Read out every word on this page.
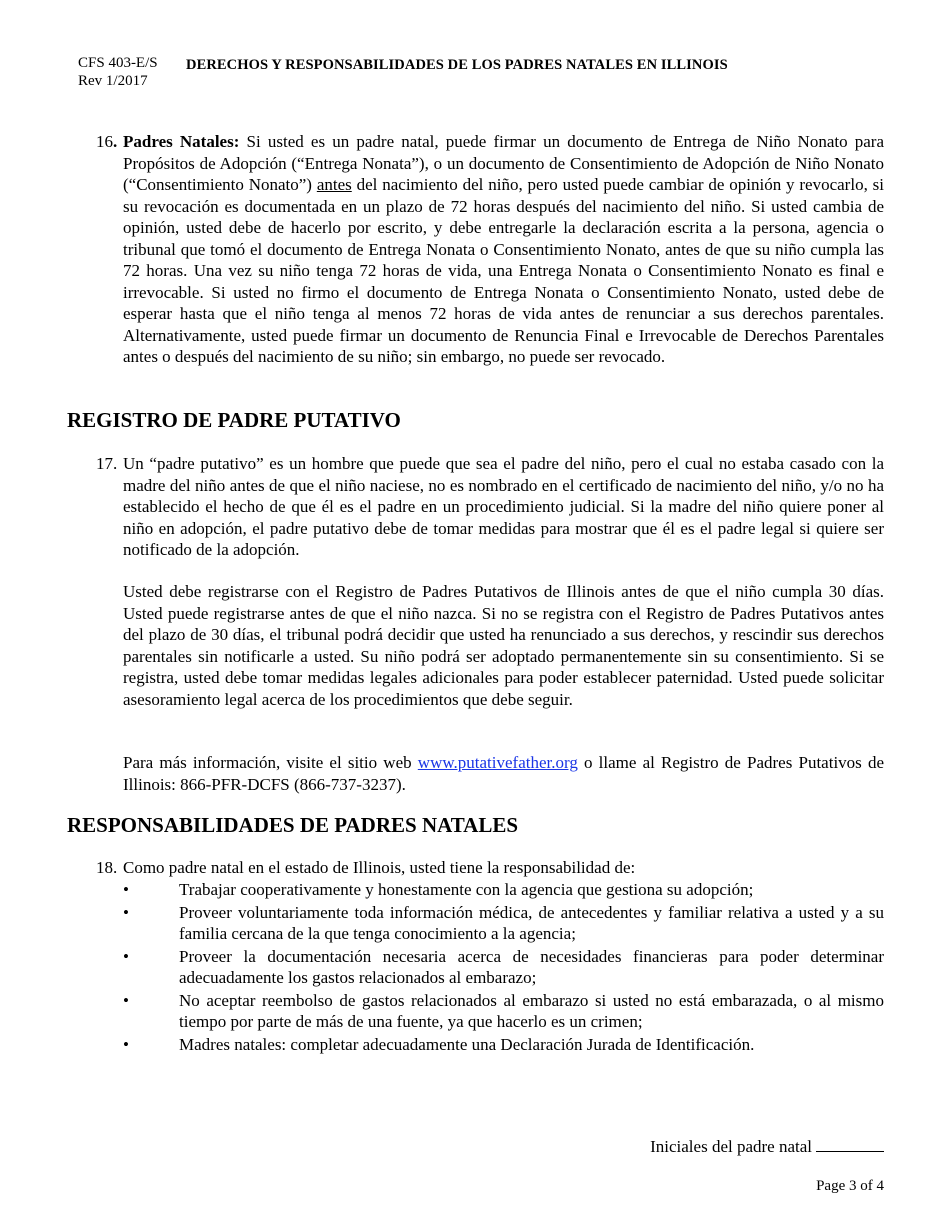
CFS 403-E/S
Rev 1/2017
DERECHOS Y RESPONSABILIDADES DE LOS PADRES NATALES EN ILLINOIS
16. Padres Natales: Si usted es un padre natal, puede firmar un documento de Entrega de Niño Nonato para Propósitos de Adopción (“Entrega Nonata”), o un documento de Consentimiento de Adopción de Niño Nonato (“Consentimiento Nonato”) antes del nacimiento del niño, pero usted puede cambiar de opinión y revocarlo, si su revocación es documentada en un plazo de 72 horas después del nacimiento del niño. Si usted cambia de opinión, usted debe de hacerlo por escrito, y debe entregarle la declaración escrita a la persona, agencia o tribunal que tomó el documento de Entrega Nonata o Consentimiento Nonato, antes de que su niño cumpla las 72 horas. Una vez su niño tenga 72 horas de vida, una Entrega Nonata o Consentimiento Nonato es final e irrevocable. Si usted no firmo el documento de Entrega Nonata o Consentimiento Nonato, usted debe de esperar hasta que el niño tenga al menos 72 horas de vida antes de renunciar a sus derechos parentales. Alternativamente, usted puede firmar un documento de Renuncia Final e Irrevocable de Derechos Parentales antes o después del nacimiento de su niño; sin embargo, no puede ser revocado.

REGISTRO DE PADRE PUTATIVO
17. Un “padre putativo” es un hombre que puede que sea el padre del niño, pero el cual no estaba casado con la madre del niño antes de que el niño naciese, no es nombrado en el certificado de nacimiento del niño, y/o no ha establecido el hecho de que él es el padre en un procedimiento judicial. Si la madre del niño quiere poner al niño en adopción, el padre putativo debe de tomar medidas para mostrar que él es el padre legal si quiere ser notificado de la adopción.

Usted debe registrarse con el Registro de Padres Putativos de Illinois antes de que el niño cumpla 30 días. Usted puede registrarse antes de que el niño nazca. Si no se registra con el Registro de Padres Putativos antes del plazo de 30 días, el tribunal podrá decidir que usted ha renunciado a sus derechos, y rescindir sus derechos parentales sin notificarle a usted. Su niño podrá ser adoptado permanentemente sin su consentimiento. Si se registra, usted debe tomar medidas legales adicionales para poder establecer paternidad. Usted puede solicitar asesoramiento legal acerca de los procedimientos que debe seguir.

Para más información, visite el sitio web www.putativefather.org o llame al Registro de Padres Putativos de Illinois: 866-PFR-DCFS (866-737-3237).

RESPONSABILIDADES DE PADRES NATALES
18. Como padre natal en el estado de Illinois, usted tiene la responsabilidad de:

•	Trabajar cooperativamente y honestamente con la agencia que gestiona su adopción;
•	Proveer voluntariamente toda información médica, de antecedentes y familiar relativa a usted y a su familia cercana de la que tenga conocimiento a la agencia;
•	Proveer la documentación necesaria acerca de necesidades financieras para poder determinar adecuadamente los gastos relacionados al embarazo;
•	No aceptar reembolso de gastos relacionados al embarazo si usted no está embarazada, o al mismo tiempo por parte de más de una fuente, ya que hacerlo es un crimen;
•	Madres natales: completar adecuadamente una Declaración Jurada de Identificación.
Iniciales del padre natal
Page 3 of 4
